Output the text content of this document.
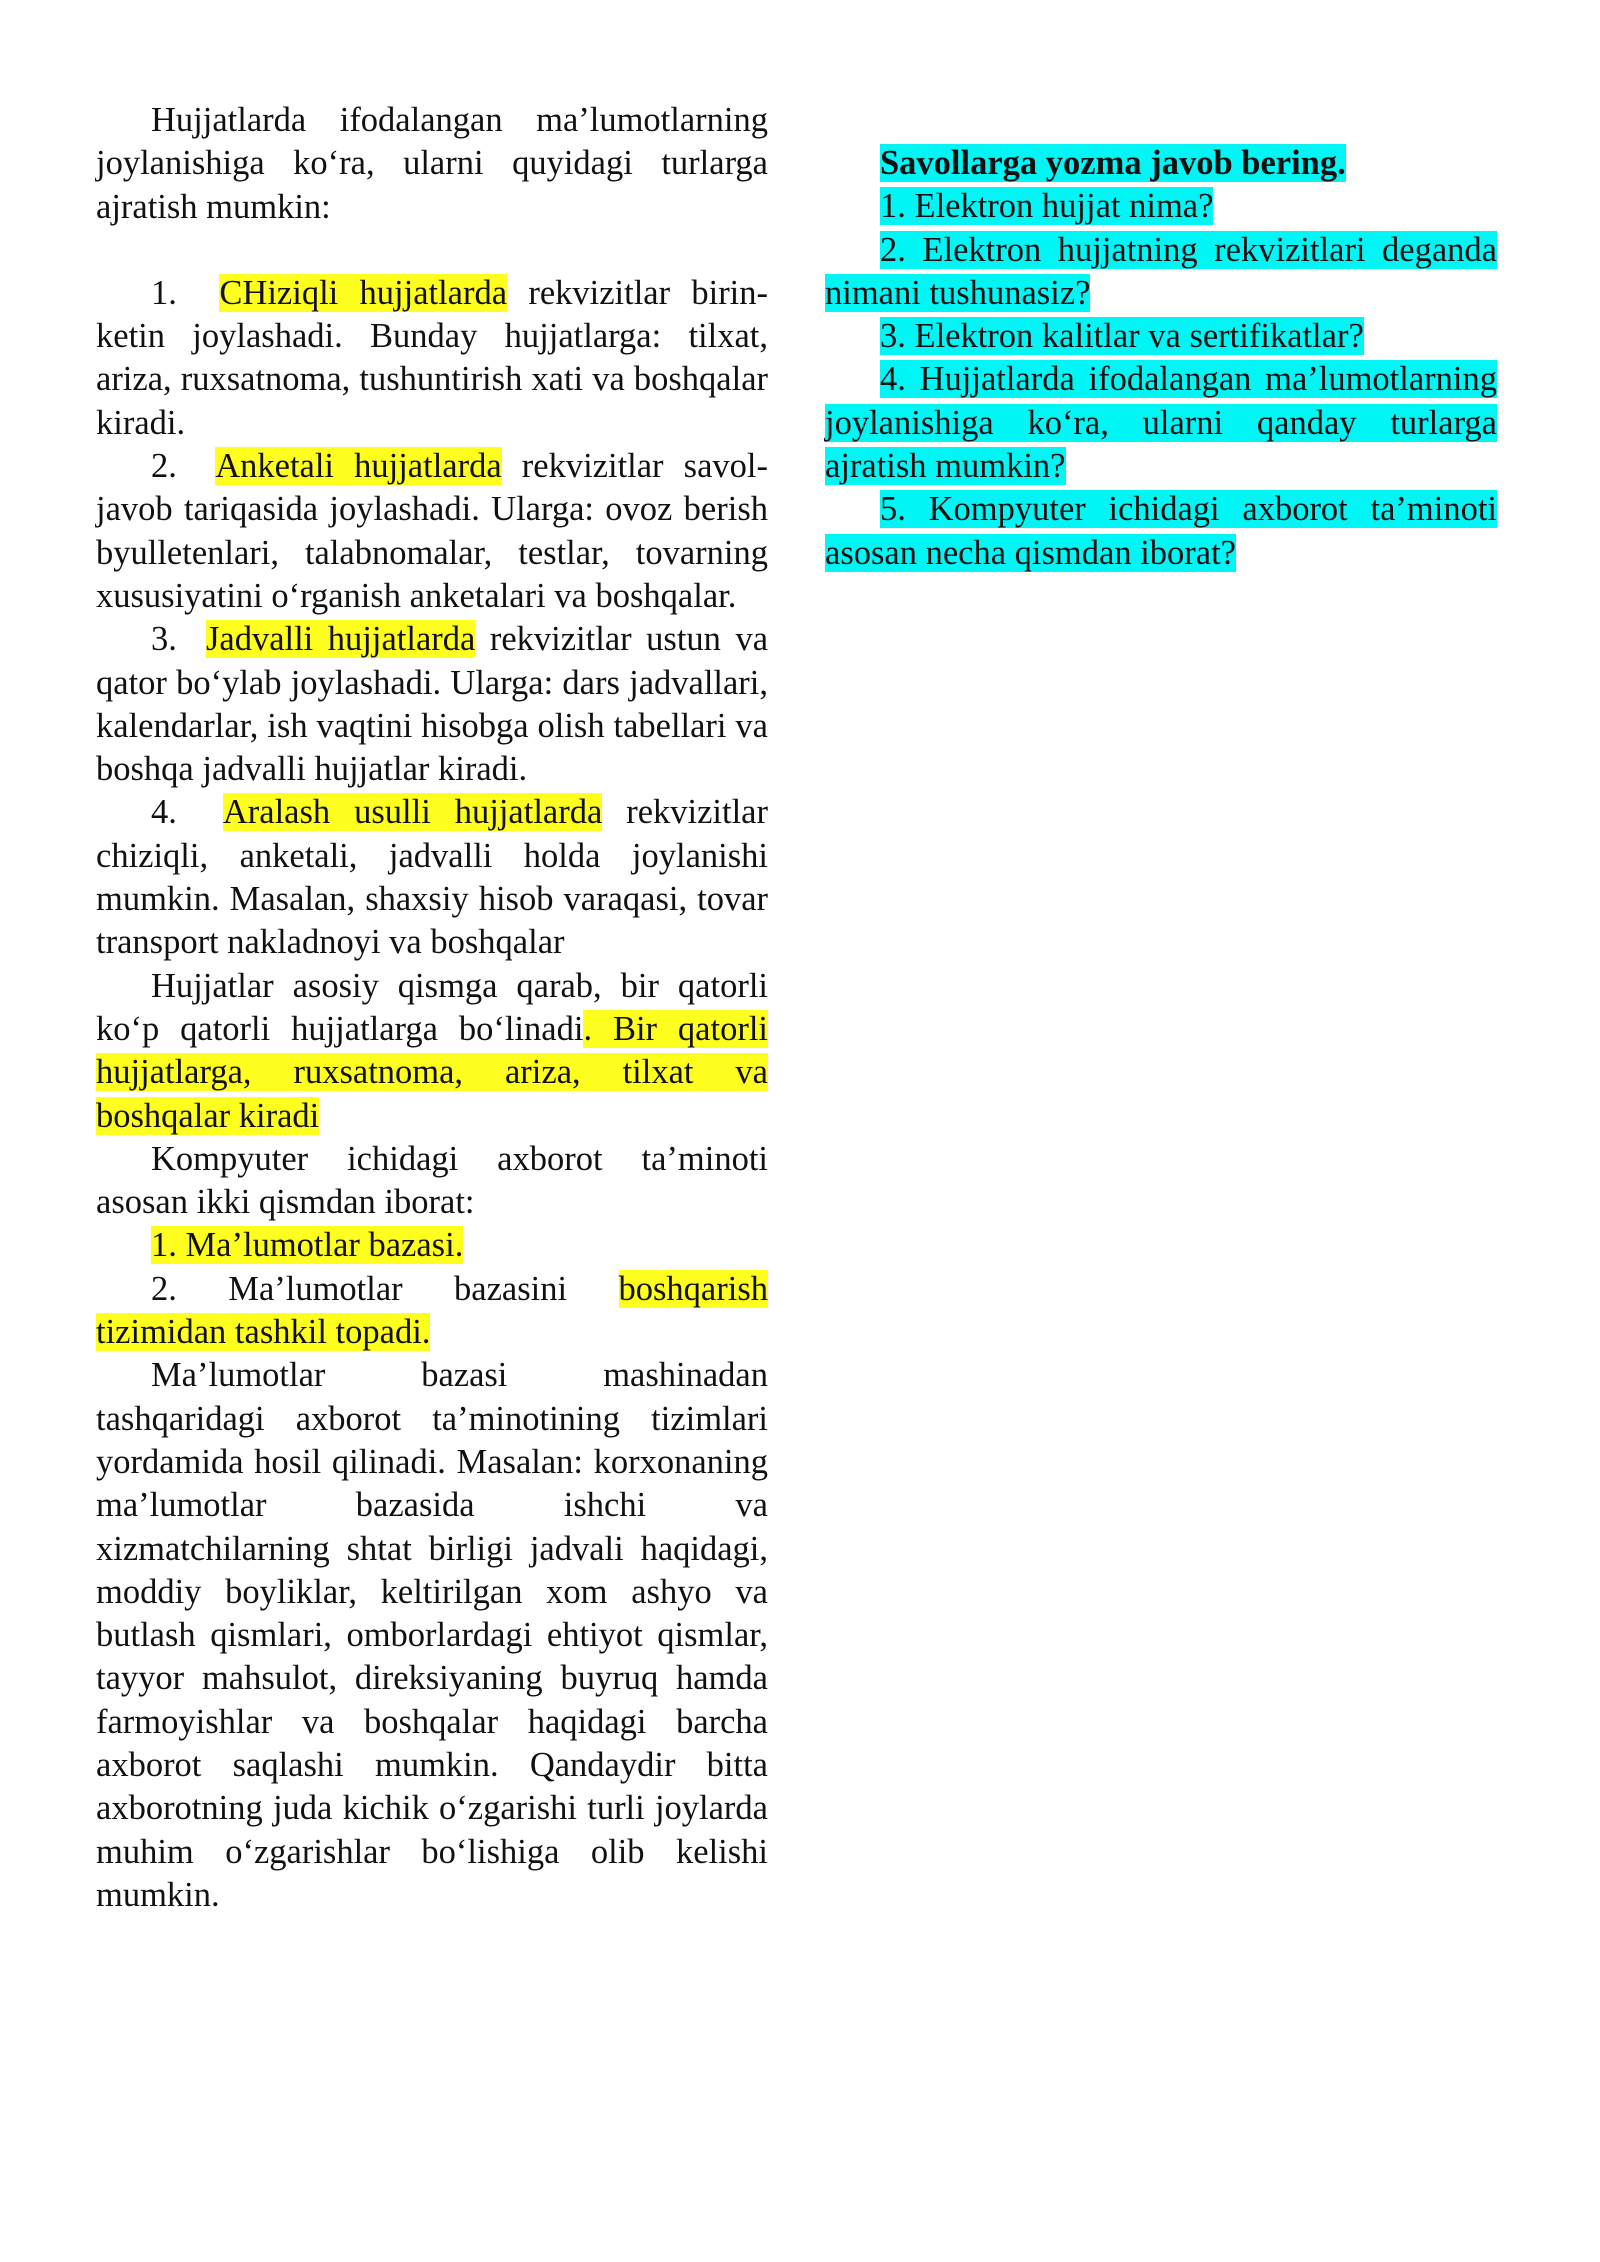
Hujjatlarda ifodalangan ma’lumotlarning joylanishiga ko‘ra, ularni quyidagi turlarga ajratish mumkin:

1. CHiziqli hujjatlarda rekvizitlar birin-ketin joylashadi. Bunday hujjatlarga: tilxat, ariza, ruxsatnoma, tushuntirish xati va boshqalar kiradi.

2. Anketali hujjatlarda rekvizitlar savol-javob tariqasida joylashadi. Ularga: ovoz berish byulletenlari, talabnomalar, testlar, tovarning xususiyatini o‘rganish anketalari va boshqalar.

3. Jadvalli hujjatlarda rekvizitlar ustun va qator bo‘ylab joylashadi. Ularga: dars jadvallari, kalendarlar, ish vaqtini hisobga olish tabellari va boshqa jadvalli hujjatlar kiradi.

4. Aralash usulli hujjatlarda rekvizitlar chiziqli, anketali, jadvalli holda joylanishi mumkin. Masalan, shaxsiy hisob varaqasi, tovar transport nakladnoyi va boshqalar

Hujjatlar asosiy qismga qarab, bir qatorli ko‘p qatorli hujjatlarga bo‘linadi. Bir qatorli hujjatlarga, ruxsatnoma, ariza, tilxat va boshqalar kiradi

Kompyuter ichidagi axborot ta’minoti asosan ikki qismdan iborat:

1. Ma’lumotlar bazasi.

2. Ma’lumotlar bazasini boshqarish tizimidan tashkil topadi.

Ma’lumotlar bazasi mashinadan tashqaridagi axborot ta’minotining tizimlari yordamida hosil qilinadi. Masalan: korxonaning ma’lumotlar bazasida ishchi va xizmatchilarning shtat birligi jadvali haqidagi, moddiy boyliklar, keltirilgan xom ashyo va butlash qismlari, omborlardagi ehtiyot qismlar, tayyor mahsulot, direksiyaning buyruq hamda farmoyishlar va boshqalar haqidagi barcha axborot saqlashi mumkin. Qandaydir bitta axborotning juda kichik o‘zgarishi turli joylarda muhim o‘zgarishlar bo‘lishiga olib kelishi mumkin.

Savollarga yozma javob bering.

1. Elektron hujjat nima?

2. Elektron hujjatning rekvizitlari deganda nimani tushunasiz?

3. Elektron kalitlar va sertifikatlar?

4. Hujjatlarda ifodalangan ma’lumotlarning joylanishiga ko‘ra, ularni qanday turlarga ajratish mumkin?

5. Kompyuter ichidagi axborot ta’minoti asosan necha qismdan iborat?
